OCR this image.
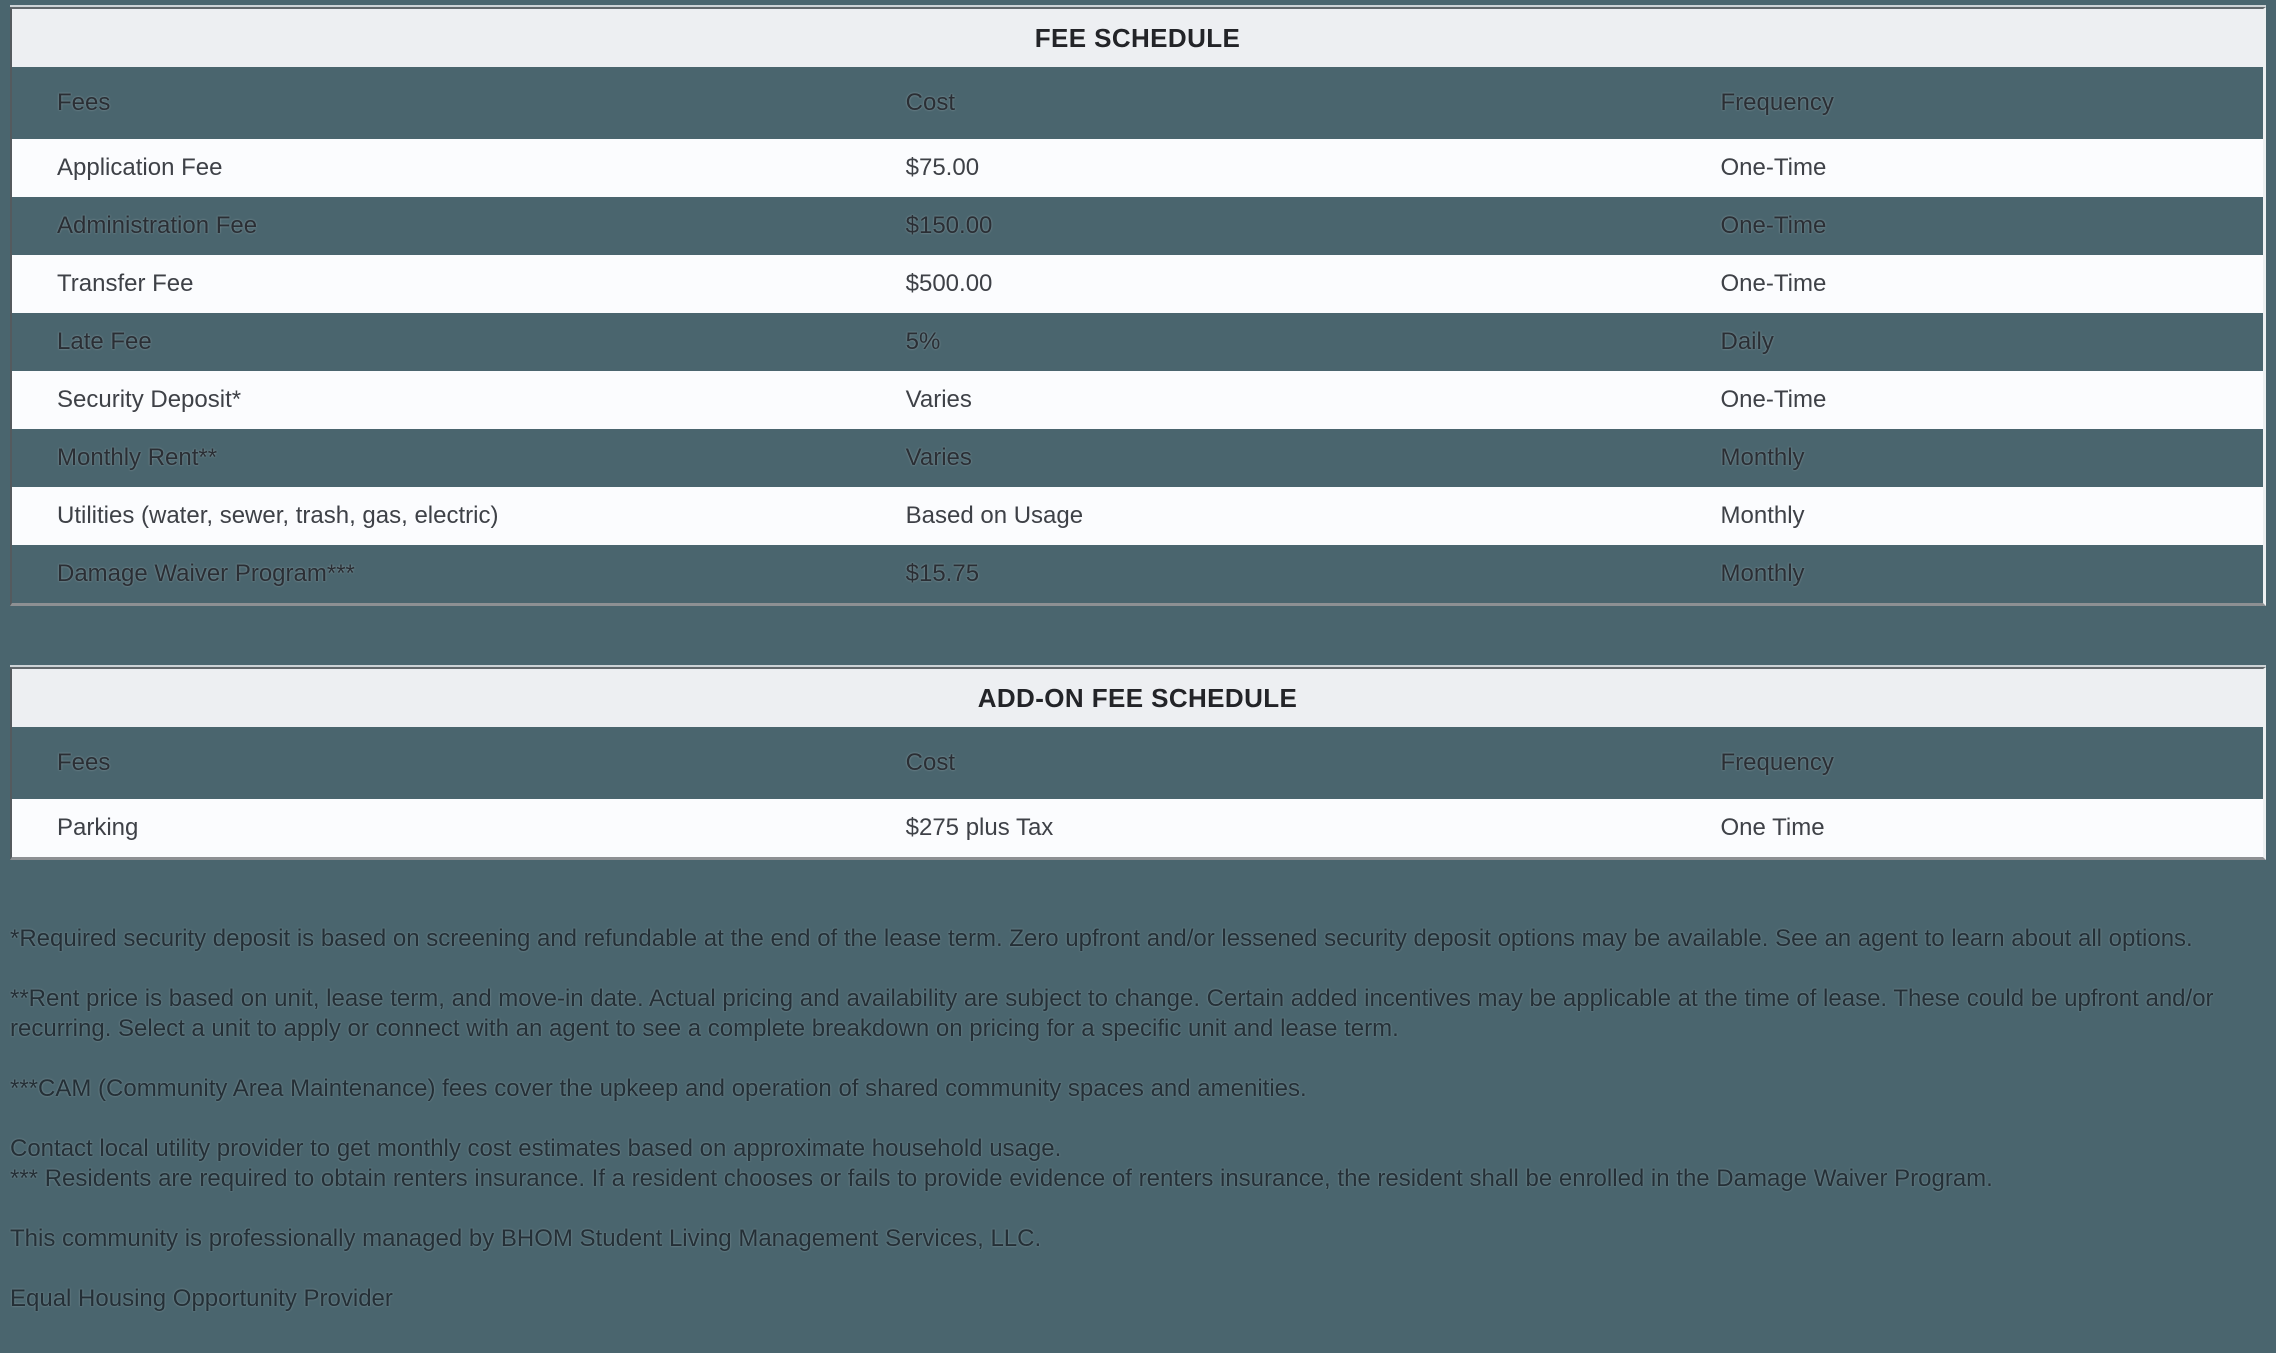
FEE SCHEDULE
Fees	Cost	Frequency
Application Fee	$75.00	One-Time
Administration Fee	$150.00	One-Time
Transfer Fee	$500.00	One-Time
Late Fee	5%	Daily
Security Deposit*	Varies	One-Time
Monthly Rent**	Varies	Monthly
Utilities (water, sewer, trash, gas, electric)	Based on Usage	Monthly
Damage Waiver Program***	$15.75	Monthly
ADD-ON FEE SCHEDULE
Fees	Cost	Frequency
Parking	$275 plus Tax	One Time

*Required security deposit is based on screening and refundable at the end of the lease term. Zero upfront and/or lessened security deposit options may be available. See an agent to learn about all options.

**Rent price is based on unit, lease term, and move-in date. Actual pricing and availability are subject to change. Certain added incentives may be applicable at the time of lease. These could be upfront and/or recurring. Select a unit to apply or connect with an agent to see a complete breakdown on pricing for a specific unit and lease term.

***CAM (Community Area Maintenance) fees cover the upkeep and operation of shared community spaces and amenities.

Contact local utility provider to get monthly cost estimates based on approximate household usage.

*** Residents are required to obtain renters insurance. If a resident chooses or fails to provide evidence of renters insurance, the resident shall be enrolled in the Damage Waiver Program.

This community is professionally managed by BHOM Student Living Management Services, LLC.

Equal Housing Opportunity Provider
